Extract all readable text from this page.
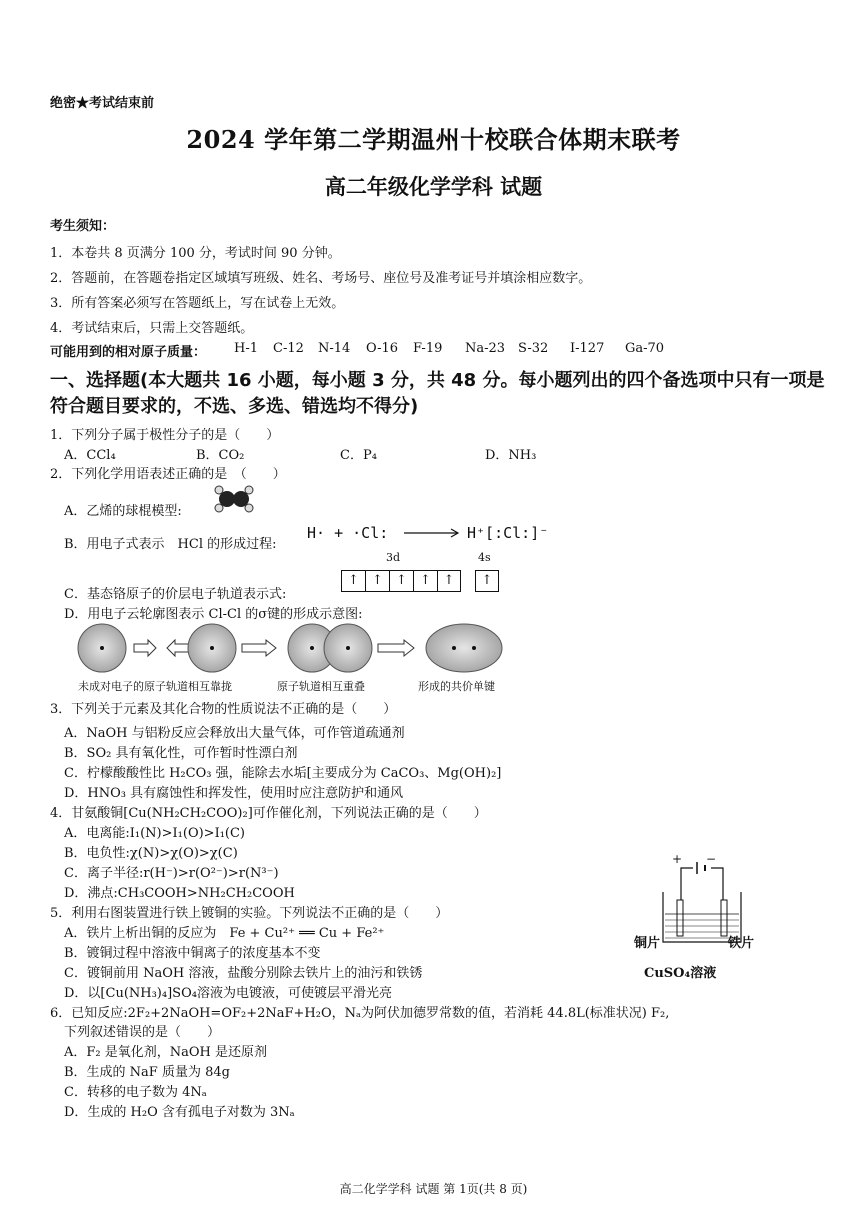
绝密★考试结束前
2024 学年第二学期温州十校联合体期末联考
高二年级化学学科 试题
考生须知：
1．本卷共 8 页满分 100 分，考试时间 90 分钟。
2．答题前，在答题卷指定区域填写班级、姓名、考场号、座位号及准考证号并填涂相应数字。
3．所有答案必须写在答题纸上，写在试卷上无效。
4．考试结束后，只需上交答题纸。
可能用到的相对原子质量： H-1 C-12 N-14 O-16 F-19 Na-23 S-32 I-127 Ga-70
一、选择题(本大题共 16 小题，每小题 3 分，共 48 分。每小题列出的四个备选项中只有一项是符合题目要求的，不选、多选、错选均不得分)
1．下列分子属于极性分子的是（　　）
A．CCl₄	B．CO₂	C．P₄	D．NH₃
2．下列化学用语表述正确的是　（　　）
A．乙烯的球棍模型:
B．用电子式表示　HCl 的形成过程:
H· + ·Cl: → H⁺[:Cl:]⁻
3d	4s
C．基态铬原子的价层电子轨道表示式:
↑	↑	↑	↑ ↑	↑
D．用电子云轮廓图表示 Cl-Cl 的σ键的形成示意图:
未成对电子的原子轨道相互靠拢	原子轨道相互重叠	形成的共价单键
3．下列关于元素及其化合物的性质说法不正确的是（　　）
A．NaOH 与铝粉反应会释放出大量气体，可作管道疏通剂
B．SO₂ 具有氧化性，可作暂时性漂白剂
C．柠檬酸酸性比 H₂CO₃ 强，能除去水垢[主要成分为 CaCO₃、Mg(OH)₂]
D．HNO₃ 具有腐蚀性和挥发性，使用时应注意防护和通风
4．甘氨酸铜[Cu(NH₂CH₂COO)₂]可作催化剂，下列说法正确的是（　　）
A．电离能:I₁(N)>I₁(O)>I₁(C)
B．电负性:χ(N)>χ(O)>χ(C)
C．离子半径:r(H⁻)>r(O²⁻)>r(N³⁻)
D．沸点:CH₃COOH>NH₂CH₂COOH
5．利用右图装置进行铁上镀铜的实验。下列说法不正确的是（　　）
A．铁片上析出铜的反应为　Fe + Cu²⁺ ══ Cu + Fe²⁺
B．镀铜过程中溶液中铜离子的浓度基本不变
C．镀铜前用 NaOH 溶液，盐酸分别除去铁片上的油污和铁锈
D．以[Cu(NH₃)₄]SO₄溶液为电镀液，可使镀层平滑光亮
+ −
铜片	铁片
CuSO₄溶液
6．已知反应:2F₂+2NaOH=OF₂+2NaF+H₂O，Nₐ为阿伏加德罗常数的值，若消耗 44.8L(标准状况) F₂,
下列叙述错误的是（　　）
A．F₂ 是氧化剂，NaOH 是还原剂
B．生成的 NaF 质量为 84g
C．转移的电子数为 4Nₐ
D．生成的 H₂O 含有孤电子对数为 3Nₐ
高二化学学科 试题 第 1页(共 8 页)
